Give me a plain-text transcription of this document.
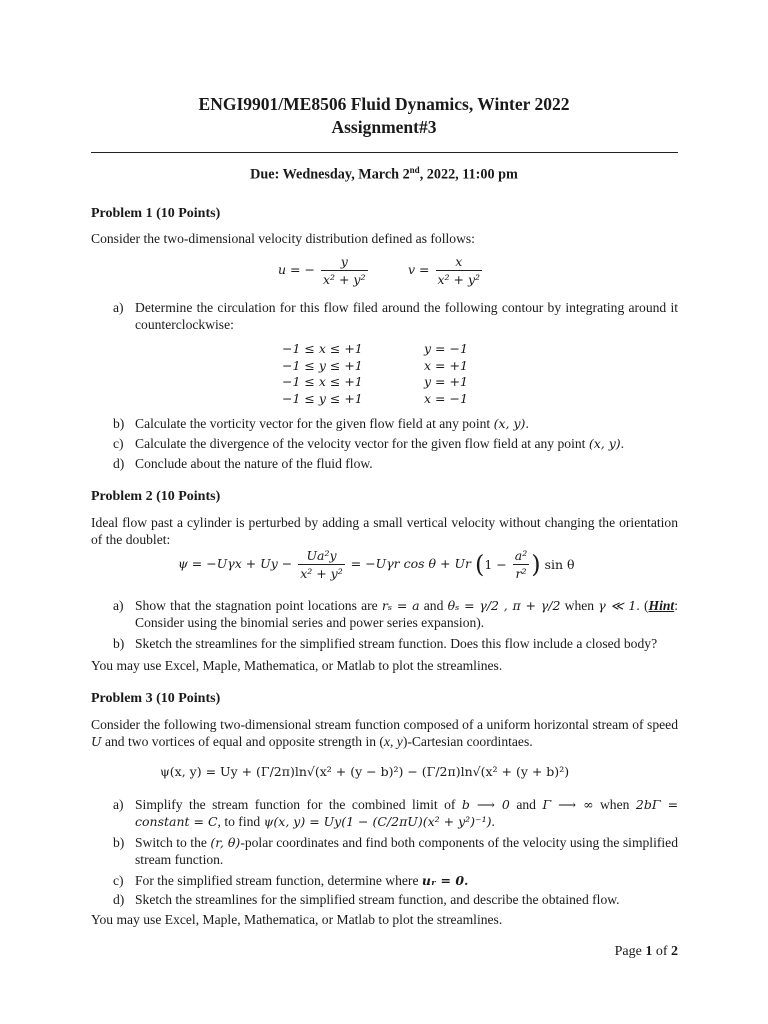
ENGI9901/ME8506 Fluid Dynamics, Winter 2022
Assignment#3
Due: Wednesday, March 2nd, 2022, 11:00 pm
Problem 1 (10 Points)
Consider the two-dimensional velocity distribution defined as follows:
u = − $\frac{y}{\text{x² + y²}}$	$v = \frac{x}{\text{x² + y²}}$
a) Determine the circulation for this flow filed around the following contour by integrating around it counterclockwise:
−1 ≤ x ≤ +1
−1 ≤ y ≤ +1
−1 ≤ x ≤ +1
−1 ≤ y ≤ +1
y = −1
x = +1
y = +1
x = −1
b) Calculate the vorticity vector for the given flow field at any point (x, y).
c) Calculate the divergence of the velocity vector for the given flow field at any point (x, y).
d) Conclude about the nature of the fluid flow.
Problem 2 (10 Points)
Ideal flow past a cylinder is perturbed by adding a small vertical velocity without changing the orientation of the doublet:
$\psi = -U\gamma x + Uy - \frac{\text{Ua²y}}{\text{x² + y²}} = -U\gamma r$ cos θ + Ur ($1 - \frac{\text{a²}}{\text{r²}}$ ) sin θ
a) Show that the stagnation point locations are rₛ = a and θₛ = γ/2 , π + γ/2 when γ ≪ 1. (Hint: Consider using the binomial series and power series expansion).
b) Sketch the streamlines for the simplified stream function. Does this flow include a closed body?
You may use Excel, Maple, Mathematica, or Matlab to plot the streamlines.
Problem 3 (10 Points)
Consider the following two-dimensional stream function composed of a uniform horizontal stream of speed U and two vortices of equal and opposite strength in (x, y)-Cartesian coordintaes.
ψ(x, y) = Uy + (Γ/2π)ln√(x² + (y − b)²) − (Γ/2π)ln√(x² + (y + b)²)
a) Simplify the stream function for the combined limit of b ⟶ 0 and Γ ⟶ ∞ when 2bΓ = constant = C, to find ψ(x, y) = Uy(1 − (C/2πU)(x² + y²)⁻¹).
b) Switch to the (r, θ)-polar coordinates and find both components of the velocity using the simplified stream function.
c) For the simplified stream function, determine where uᵣ = 0.
d) Sketch the streamlines for the simplified stream function, and describe the obtained flow.
You may use Excel, Maple, Mathematica, or Matlab to plot the streamlines.
Page 1 of 2
